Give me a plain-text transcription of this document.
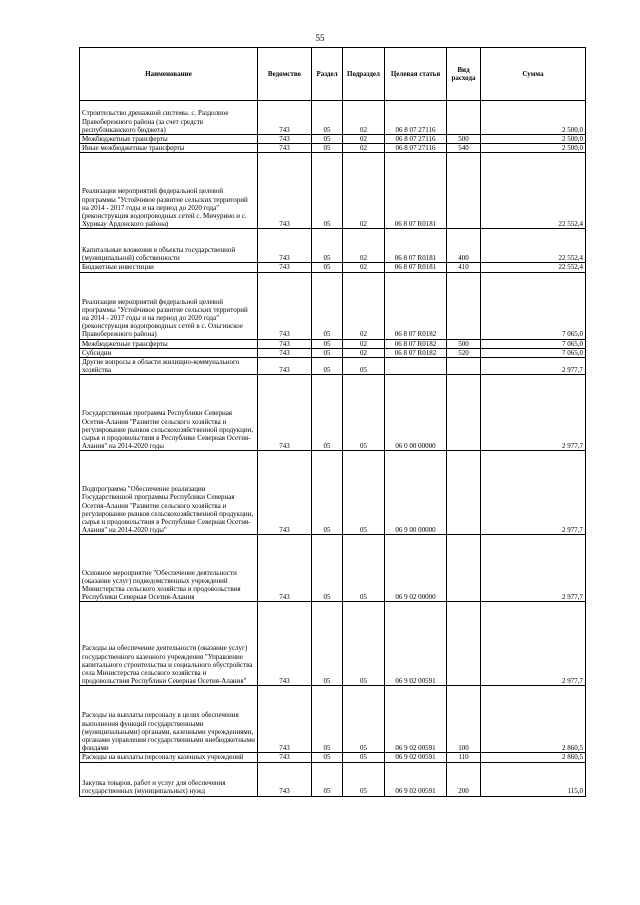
55
Наименование	Ведомство	Раздел	Подраздел	Целевая статья	Вид расхода	Сумма
Строительство дренажной системы. с. Раздолное Правобережного района (за счет средств республиканского бюджета)	743	05	02	06 8 07 27116		2 500,0
Межбюджетные трансферты	743	05	02	06 8 07 27116	500	2 500,0
Иные межбюджетные трансферты	743	05	02	06 8 07 27116	540	2 500,0
Реализация мероприятий федеральной целевой программы "Устойчивое развитие сельских территорий на 2014 - 2017 годы и на период до 2020 года" (реконструкция водопроводных сетей с. Мичурино и с. Хурикау Ардонского района)	743	05	02	06 8 07 R0181		22 552,4
Капитальные вложения в объекты государственной (муниципальной) собственности	743	05	02	06 8 07 R0181	400	22 552,4
Бюджетные инвестиции	743	05	02	06 8 07 R0181	410	22 552,4
Реализация мероприятий федеральной целевой программы "Устойчивое развитие сельских территорий на 2014 - 2017 годы и на период до 2020 года" (реконструкция водопроводных сетей в с. Ольгинское Правобережного района)	743	05	02	06 8 07 R0182		7 065,0
Межбюджетные трансферты	743	05	02	06 8 07 R0182	500	7 065,0
Субсидии	743	05	02	06 8 07 R0182	520	7 065,0
Другие вопросы в области жилищно-коммунального хозяйства	743	05	05			2 977,7
Государственная программа Республики Северная Осетия-Алания "Развитие сельского хозяйства и регулирование рынков сельскохозяйственной продукции, сырья и продовольствия в Республике Северная Осетия-Алания" на 2014-2020 годы	743	05	05	06 0 00 00000		2 977,7
Подпрограмма "Обеспечение реализации Государственной программы Республики Северная Осетия-Алания "Развитие сельского хозяйства и регулирование рынков сельскохозяйственной продукции, сырья и продовольствия в Республике Северная Осетия-Алания" на 2014-2020 годы"	743	05	05	06 9 00 00000		2 977,7
Основное мероприятие "Обеспечение деятельности (оказание услуг) подведомственных учреждений Министерства сельского хозяйства и продовольствия Республики Северная Осетия-Алания	743	05	05	06 9 02 00000		2 977,7
Расходы на обеспечение деятельности (оказание услуг) государственного казенного учреждения "Управление капитального строительства и социального обустройства села Министерства сельского хозяйства и продовольствия Республики Северная Осетия-Алания"	743	05	05	06 9 02 00591		2 977,7
Расходы на выплаты персоналу в целях обеспечения выполнения функций государственными (муниципальными) органами, казенными учреждениями, органами управления государственными внебюджетными фондами	743	05	05	06 9 02 00591	100	2 860,5
Расходы на выплаты персоналу казенных учреждений	743	05	05	06 9 02 00591	110	2 860,5
Закупка товаров, работ и услуг для обеспечения государственных (муниципальных) нужд	743	05	05	06 9 02 00591	200	115,0
